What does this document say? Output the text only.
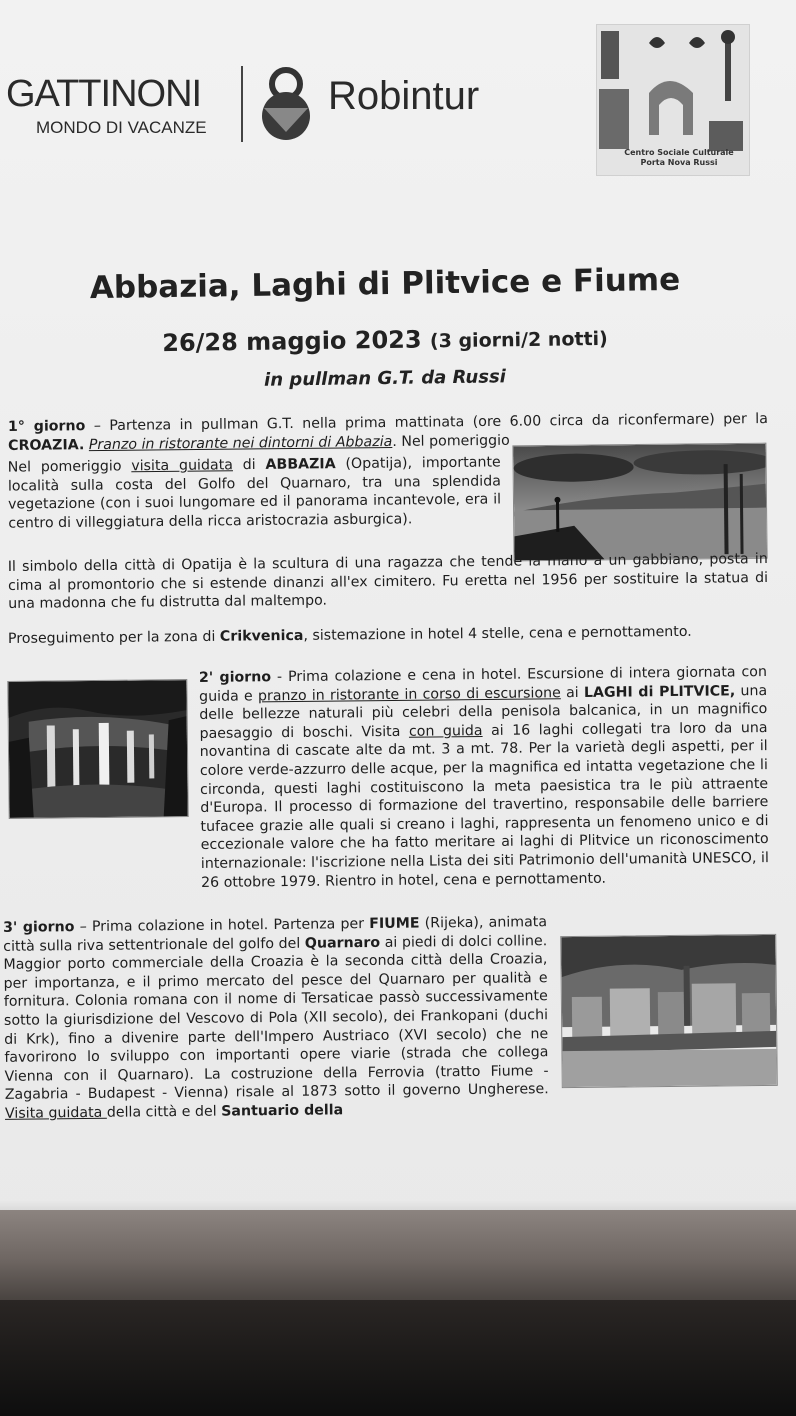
GATTINONI
MONDO DI VACANZE
Robintur
Centro Sociale Culturale
Porta Nova Russi
Abbazia, Laghi di Plitvice e Fiume
26/28 maggio 2023 (3 giorni/2 notti)
in pullman G.T. da Russi
1° giorno – Partenza in pullman G.T. nella prima mattinata (ore 6.00 circa da riconfermare) per la CROAZIA. Pranzo in ristorante nei dintorni di Abbazia. Nel pomeriggio
Nel pomeriggio visita guidata di ABBAZIA (Opatija), importante località sulla costa del Golfo del Quarnaro, tra una splendida vegetazione (con i suoi lungomare ed il panorama incantevole, era il centro di villeggiatura della ricca aristocrazia asburgica).
Il simbolo della città di Opatija è la scultura di una ragazza che tende la mano a un gabbiano, posta in cima al promontorio che si estende dinanzi all'ex cimitero. Fu eretta nel 1956 per sostituire la statua di una madonna che fu distrutta dal maltempo.
Proseguimento per la zona di Crikvenica, sistemazione in hotel 4 stelle, cena e pernottamento.
2' giorno - Prima colazione e cena in hotel. Escursione di intera giornata con guida e pranzo in ristorante in corso di escursione ai LAGHI di PLITVICE, una delle bellezze naturali più celebri della penisola balcanica, in un magnifico paesaggio di boschi. Visita con guida ai 16 laghi collegati tra loro da una novantina di cascate alte da mt. 3 a mt. 78. Per la varietà degli aspetti, per il colore verde-azzurro delle acque, per la magnifica ed intatta vegetazione che li circonda, questi laghi costituiscono la meta paesistica tra le più attraente d'Europa. Il processo di formazione del travertino, responsabile delle barriere tufacee grazie alle quali si creano i laghi, rappresenta un fenomeno unico e di eccezionale valore che ha fatto meritare ai laghi di Plitvice un riconoscimento internazionale: l'iscrizione nella Lista dei siti Patrimonio dell'umanità UNESCO, il 26 ottobre 1979. Rientro in hotel, cena e pernottamento.
3' giorno – Prima colazione in hotel. Partenza per FIUME (Rijeka), animata città sulla riva settentrionale del golfo del Quarnaro ai piedi di dolci colline. Maggior porto commerciale della Croazia è la seconda città della Croazia, per importanza, e il primo mercato del pesce del Quarnaro per qualità e fornitura. Colonia romana con il nome di Tersaticae passò successivamente sotto la giurisdizione del Vescovo di Pola (XII secolo), dei Frankopani (duchi di Krk), fino a divenire parte dell'Impero Austriaco (XVI secolo) che ne favorirono lo sviluppo con importanti opere viarie (strada che collega Vienna con il Quarnaro). La costruzione della Ferrovia (tratto Fiume - Zagabria - Budapest - Vienna) risale al 1873 sotto il governo Ungherese. Visita guidata della città e del Santuario della
